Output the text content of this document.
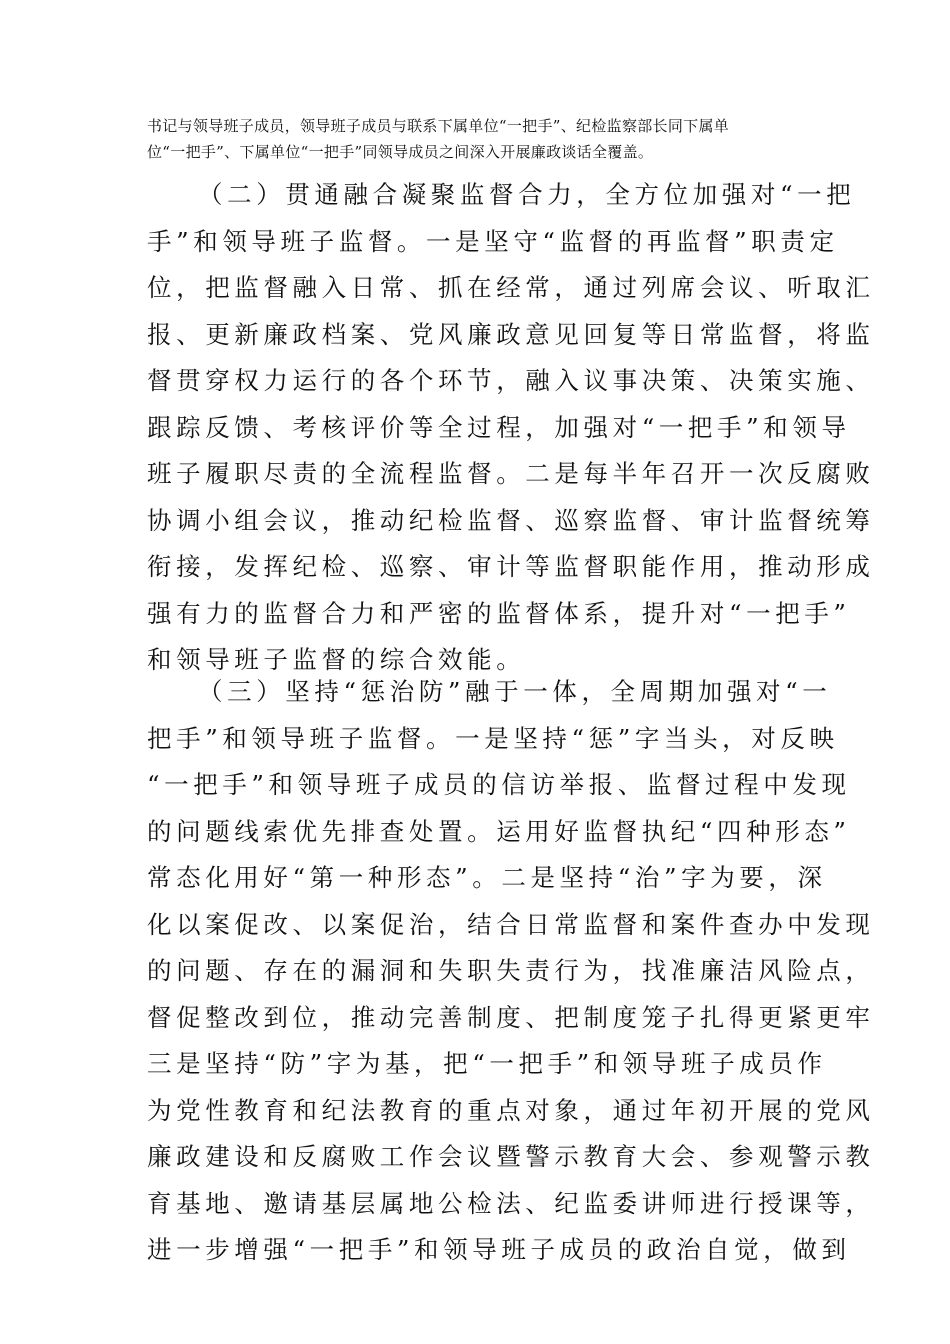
书记与领导班子成员，领导班子成员与联系下属单位“一把手”、纪检监察部长同下属单
位“一把手”、下属单位“一把手”同领导成员之间深入开展廉政谈话全覆盖。

（二）贯通融合凝聚监督合力，全方位加强对“一把
手”和领导班子监督。一是坚守“监督的再监督”职责定
位，把监督融入日常、抓在经常，通过列席会议、听取汇
报、更新廉政档案、党风廉政意见回复等日常监督，将监
督贯穿权力运行的各个环节，融入议事决策、决策实施、
跟踪反馈、考核评价等全过程，加强对“一把手”和领导
班子履职尽责的全流程监督。二是每半年召开一次反腐败
协调小组会议，推动纪检监督、巡察监督、审计监督统筹
衔接，发挥纪检、巡察、审计等监督职能作用，推动形成
强有力的监督合力和严密的监督体系，提升对“一把手”
和领导班子监督的综合效能。

（三）坚持“惩治防”融于一体，全周期加强对“一
把手”和领导班子监督。一是坚持“惩”字当头，对反映
“一把手”和领导班子成员的信访举报、监督过程中发现
的问题线索优先排查处置。运用好监督执纪“四种形态”
常态化用好“第一种形态”。二是坚持“治”字为要，深
化以案促改、以案促治，结合日常监督和案件查办中发现
的问题、存在的漏洞和失职失责行为，找准廉洁风险点，
督促整改到位，推动完善制度、把制度笼子扎得更紧更牢
三是坚持“防”字为基，把“一把手”和领导班子成员作
为党性教育和纪法教育的重点对象，通过年初开展的党风
廉政建设和反腐败工作会议暨警示教育大会、参观警示教
育基地、邀请基层属地公检法、纪监委讲师进行授课等，
进一步增强“一把手”和领导班子成员的政治自觉，做到
